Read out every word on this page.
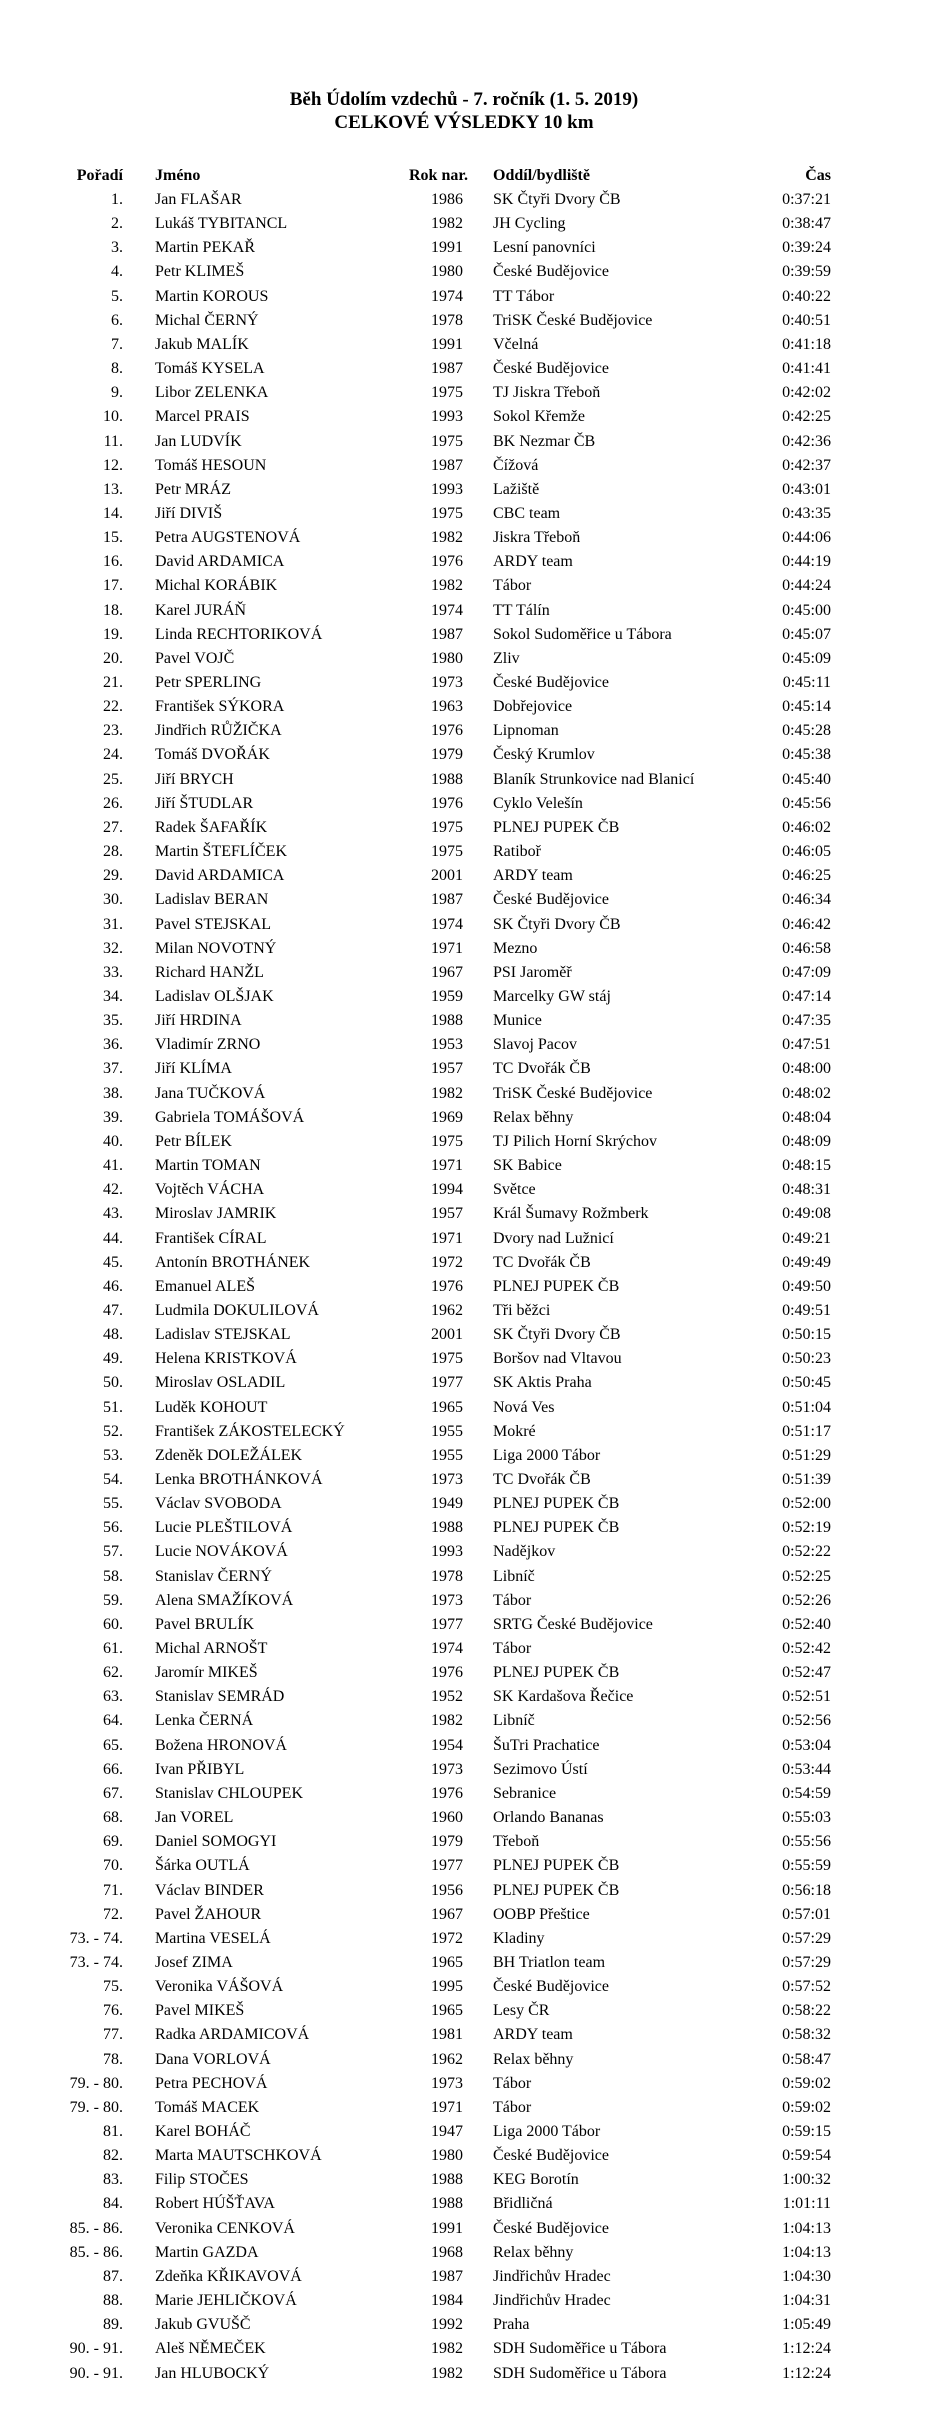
Běh Údolím vzdechů - 7. ročník (1. 5. 2019)
CELKOVÉ VÝSLEDKY 10 km
Pořadí Jméno	Rok nar. Oddíl/bydliště	Čas
1. Jan FLAŠAR	1986 SK Čtyři Dvory ČB	0:37:21
2. Lukáš TYBITANCL	1982 JH Cycling	0:38:47
3. Martin PEKAŘ	1991 Lesní panovníci	0:39:24
4. Petr KLIMEŠ	1980 České Budějovice	0:39:59
5. Martin KOROUS	1974 TT Tábor	0:40:22
6. Michal ČERNÝ	1978 TriSK České Budějovice	0:40:51
7. Jakub MALÍK	1991 Včelná	0:41:18
8. Tomáš KYSELA	1987 České Budějovice	0:41:41
9. Libor ZELENKA	1975 TJ Jiskra Třeboň	0:42:02
10. Marcel PRAIS	1993 Sokol Křemže	0:42:25
11. Jan LUDVÍK	1975 BK Nezmar ČB	0:42:36
12. Tomáš HESOUN	1987 Čížová	0:42:37
13. Petr MRÁZ	1993 Lažiště	0:43:01
14. Jiří DIVIŠ	1975 CBC team	0:43:35
15. Petra AUGSTENOVÁ	1982 Jiskra Třeboň	0:44:06
16. David ARDAMICA	1976 ARDY team	0:44:19
17. Michal KORÁBIK	1982 Tábor	0:44:24
18. Karel JURÁŇ	1974 TT Tálín	0:45:00
19. Linda RECHTORIKOVÁ	1987 Sokol Sudoměřice u Tábora	0:45:07
20. Pavel VOJČ	1980 Zliv	0:45:09
21. Petr SPERLING	1973 České Budějovice	0:45:11
22. František SÝKORA	1963 Dobřejovice	0:45:14
23. Jindřich RŮŽIČKA	1976 Lipnoman	0:45:28
24. Tomáš DVOŘÁK	1979 Český Krumlov	0:45:38
25. Jiří BRYCH	1988 Blaník Strunkovice nad Blanicí	0:45:40
26. Jiří ŠTUDLAR	1976 Cyklo Velešín	0:45:56
27. Radek ŠAFAŘÍK	1975 PLNEJ PUPEK ČB	0:46:02
28. Martin ŠTEFLÍČEK	1975 Ratiboř	0:46:05
29. David ARDAMICA	2001 ARDY team	0:46:25
30. Ladislav BERAN	1987 České Budějovice	0:46:34
31. Pavel STEJSKAL	1974 SK Čtyři Dvory ČB	0:46:42
32. Milan NOVOTNÝ	1971 Mezno	0:46:58
33. Richard HANŽL	1967 PSI Jaroměř	0:47:09
34. Ladislav OLŠJAK	1959 Marcelky GW stáj	0:47:14
35. Jiří HRDINA	1988 Munice	0:47:35
36. Vladimír ZRNO	1953 Slavoj Pacov	0:47:51
37. Jiří KLÍMA	1957 TC Dvořák ČB	0:48:00
38. Jana TUČKOVÁ	1982 TriSK České Budějovice	0:48:02
39. Gabriela TOMÁŠOVÁ	1969 Relax běhny	0:48:04
40. Petr BÍLEK	1975 TJ Pilich Horní Skrýchov	0:48:09
41. Martin TOMAN	1971 SK Babice	0:48:15
42. Vojtěch VÁCHA	1994 Světce	0:48:31
43. Miroslav JAMRIK	1957 Král Šumavy Rožmberk	0:49:08
44. František CÍRAL	1971 Dvory nad Lužnicí	0:49:21
45. Antonín BROTHÁNEK	1972 TC Dvořák ČB	0:49:49
46. Emanuel ALEŠ	1976 PLNEJ PUPEK ČB	0:49:50
47. Ludmila DOKULILOVÁ	1962 Tři běžci	0:49:51
48. Ladislav STEJSKAL	2001 SK Čtyři Dvory ČB	0:50:15
49. Helena KRISTKOVÁ	1975 Boršov nad Vltavou	0:50:23
50. Miroslav OSLADIL	1977 SK Aktis Praha	0:50:45
51. Luděk KOHOUT	1965 Nová Ves	0:51:04
52. František ZÁKOSTELECKÝ	1955 Mokré	0:51:17
53. Zdeněk DOLEŽÁLEK	1955 Liga 2000 Tábor	0:51:29
54. Lenka BROTHÁNKOVÁ	1973 TC Dvořák ČB	0:51:39
55. Václav SVOBODA	1949 PLNEJ PUPEK ČB	0:52:00
56. Lucie PLEŠTILOVÁ	1988 PLNEJ PUPEK ČB	0:52:19
57. Lucie NOVÁKOVÁ	1993 Nadějkov	0:52:22
58. Stanislav ČERNÝ	1978 Libníč	0:52:25
59. Alena SMAŽÍKOVÁ	1973 Tábor	0:52:26
60. Pavel BRULÍK	1977 SRTG České Budějovice	0:52:40
61. Michal ARNOŠT	1974 Tábor	0:52:42
62. Jaromír MIKEŠ	1976 PLNEJ PUPEK ČB	0:52:47
63. Stanislav SEMRÁD	1952 SK Kardašova Řečice	0:52:51
64. Lenka ČERNÁ	1982 Libníč	0:52:56
65. Božena HRONOVÁ	1954 ŠuTri Prachatice	0:53:04
66. Ivan PŘIBYL	1973 Sezimovo Ústí	0:53:44
67. Stanislav CHLOUPEK	1976 Sebranice	0:54:59
68. Jan VOREL	1960 Orlando Bananas	0:55:03
69. Daniel SOMOGYI	1979 Třeboň	0:55:56
70. Šárka OUTLÁ	1977 PLNEJ PUPEK ČB	0:55:59
71. Václav BINDER	1956 PLNEJ PUPEK ČB	0:56:18
72. Pavel ŽAHOUR	1967 OOBP Přeštice	0:57:01
73. - 74. Martina VESELÁ	1972 Kladiny	0:57:29
73. - 74. Josef ZIMA	1965 BH Triatlon team	0:57:29
75. Veronika VÁŠOVÁ	1995 České Budějovice	0:57:52
76. Pavel MIKEŠ	1965 Lesy ČR	0:58:22
77. Radka ARDAMICOVÁ	1981 ARDY team	0:58:32
78. Dana VORLOVÁ	1962 Relax běhny	0:58:47
79. - 80. Petra PECHOVÁ	1973 Tábor	0:59:02
79. - 80. Tomáš MACEK	1971 Tábor	0:59:02
81. Karel BOHÁČ	1947 Liga 2000 Tábor	0:59:15
82. Marta MAUTSCHKOVÁ	1980 České Budějovice	0:59:54
83. Filip STOČES	1988 KEG Borotín	1:00:32
84. Robert HÚŠŤAVA	1988 Břidličná	1:01:11
85. - 86. Veronika CENKOVÁ	1991 České Budějovice	1:04:13
85. - 86. Martin GAZDA	1968 Relax běhny	1:04:13
87. Zdeňka KŘIKAVOVÁ	1987 Jindřichův Hradec	1:04:30
88. Marie JEHLIČKOVÁ	1984 Jindřichův Hradec	1:04:31
89. Jakub GVUŠČ	1992 Praha	1:05:49
90. - 91. Aleš NĚMEČEK	1982 SDH Sudoměřice u Tábora	1:12:24
90. - 91. Jan HLUBOCKÝ	1982 SDH Sudoměřice u Tábora	1:12:24
